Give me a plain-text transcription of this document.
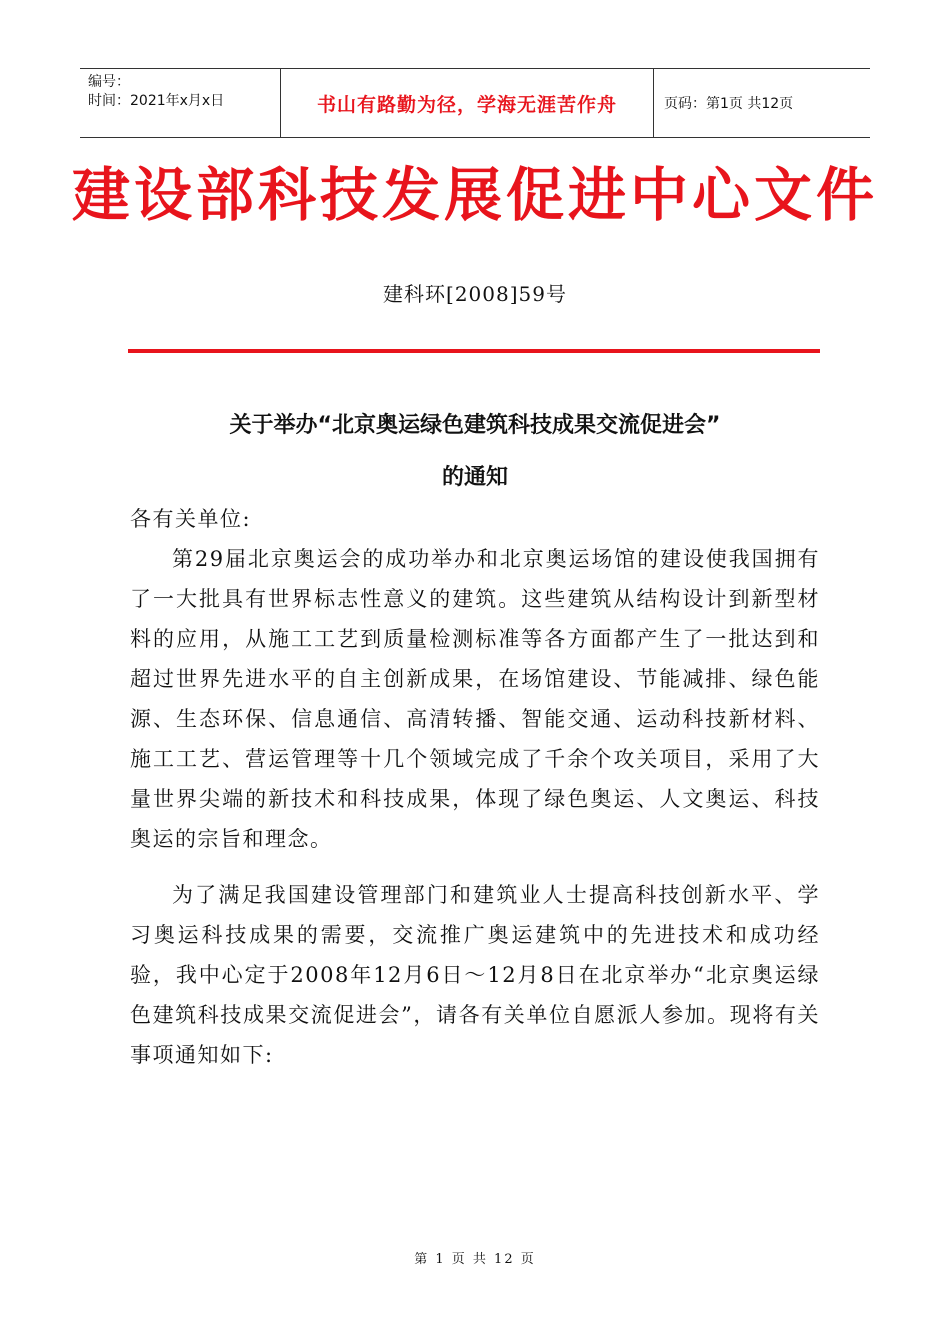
编号：
时间：2021年x月x日	书山有路勤为径，学海无涯苦作舟	页码：第1页 共12页
建设部科技发展促进中心文件
建科环[2008]59号
关于举办“北京奥运绿色建筑科技成果交流促进会”
的通知

各有关单位:

第29届北京奥运会的成功举办和北京奥运场馆的建设使我国拥有了一大批具有世界标志性意义的建筑。这些建筑从结构设计到新型材料的应用，从施工工艺到质量检测标准等各方面都产生了一批达到和超过世界先进水平的自主创新成果，在场馆建设、节能减排、绿色能源、生态环保、信息通信、高清转播、智能交通、运动科技新材料、施工工艺、营运管理等十几个领域完成了千余个攻关项目，采用了大量世界尖端的新技术和科技成果，体现了绿色奥运、人文奥运、科技奥运的宗旨和理念。

为了满足我国建设管理部门和建筑业人士提高科技创新水平、学习奥运科技成果的需要，交流推广奥运建筑中的先进技术和成功经验，我中心定于2008年12月6日～12月8日在北京举办“北京奥运绿色建筑科技成果交流促进会”，请各有关单位自愿派人参加。现将有关事项通知如下:

第 1 页 共 12 页
